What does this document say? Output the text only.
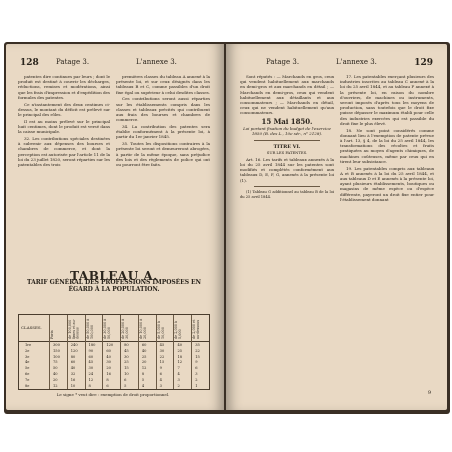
128 Patage 3.	L'annexe 3.

patentes dire continues par leurs ; dont le produit est destiné à couvrir les décharges, réductions, remises et modérations, ainsi que les frais d'impression et d'expédition des formules des patentes.

Ce n'instantement des deux centimes ci-dessus, le montant du déficit est prélevé sur le principal des rôles.

Il est au moins prélevé sur le principal huit centimes, dont le produit est versé dans la caisse municipale.

32. Les contributions spéciales destinées à subvenir aux dépenses des bourses et chambres de commerce, et dont la perception est autorisée par l'article 11 de la loi du 23 juillet 1820, seront réparties sur les patentables des trois

premières classes du tableau A annexé à la présente loi, et sur ceux désignés dans les tableaux B et C, comme passibles d'un droit fixe égal ou supérieur à celui desdites classes.

Ces contributions seront aussi réparties sur les établissements compris dans les classes et tableaux précités qui contribuent aux frais des bourses et chambres de commerce.

34. La contribution des patentes sera établie conformément à la présente loi, à partir du 1er janvier 1845.

35. Toutes les dispositions contraires à la présente loi seront et demeureront abrogées, à partir de la même époque, sans préjudice des lois et des règlements de police qui ont ou pourront être faits.

TABLEAU A.
TARIF GÉNÉRAL DES PROFESSIONS IMPOSÉES EN ÉGARD À LA POPULATION.
CLASSES.
Paris	de 100,000 âmes et au-dessus	de 50,000 à 100,000	de 30,000 à 50,000	de 20,000 à 30,000	de 10,000 à 20,000	de 5,000 à 10,000	de 2,000 à 5,000	de 2,000 et au-dessous
1re	300	240	180	120	80	60	45	40	35
2e	150	120	90	60	45	40	30	25	22
3e	100	80	60	40	30	25	22	18	15
4e	75	60	45	30	25	20	15	12	9
5e	50	40	30	20	15	12	9	7	6
6e	40	32	24	16	10	8	6	4	3
7e	20	16	12	8	6	5	4	3	2
8e	12	10	8	6	5	4	3	2	1
Le signe * veut dire : exemption de droit proportionnel.
Patage 3.	L'annexe 3.	129

Sont réputés : — Marchands en gros, ceux qui vendent habituellement aux marchands en demi-gros et aux marchands en détail ; — Marchands en demi-gros, ceux qui vendent habituellement aux détaillants et aux consommateurs ; — Marchands en détail, ceux qui ne vendent habituellement qu'aux consommateurs.

15 Mai 1850.

Loi portant fixation du budget de l'exercice 1850 (B. des L., 10e sér., n° 2128).

TITRE VI.
SUR LES PATENTES.

Art. 16. Les tarifs et tableaux annexés à la loi du 25 avril 1844 sur les patentes sont modifiés et complétés conformément aux tableaux D, E, F, G, annexés à la présente loi (1).

(1) Tableau G additionnel au tableau B de la loi du 25 avril 1844.

17. Les patentables exerçant plusieurs des industries inscrites au tableau C annexé à la loi du 25 avril 1844, et au tableau F annexé à la présente loi, en raison du nombre d'ouvriers, de machines ou instruments, seront imposés d'après tous les moyens de production, sans toutefois que le droit fixe puisse dépasser le maximum établi pour celle des industries exercées qui est passible du droit fixe le plus élevé.

18. Ne sont point considérés comme donnant lieu à l'exemption de patente prévue à l'art. 13, § 4, de la loi du 25 avril 1844, les transformations des récoltes et fruits pratiquées au moyen d'agents chimiques, de machines coûteuses, même par ceux qui en tirent leur subsistance.

19. Les patentables compris aux tableaux A et B annexés à la loi du 25 avril 1844, et aux tableaux D et E annexés à la présente loi, ayant plusieurs établissements, boutiques ou magasins de même espèce ou d'espèce différente, payeront un droit fixe entier pour l'établissement donnant

9
